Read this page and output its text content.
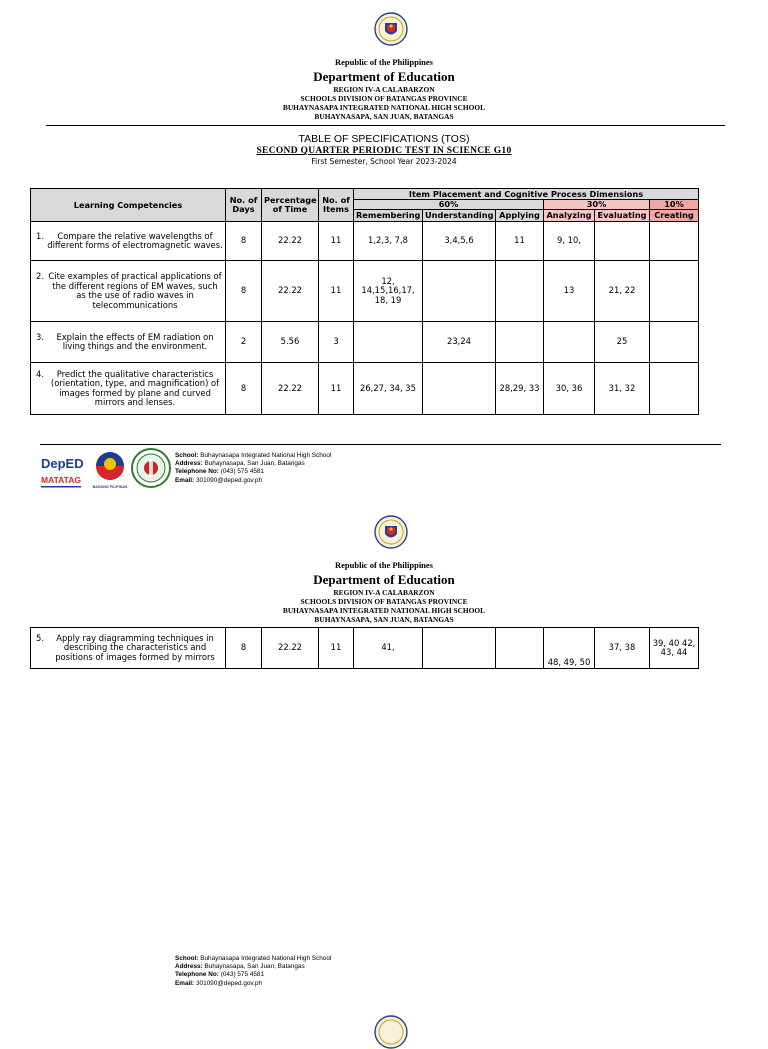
Republic of the Philippines
Department of Education
REGION IV-A CALABARZON
SCHOOLS DIVISION OF BATANGAS PROVINCE
BUHAYNASAPA INTEGRATED NATIONAL HIGH SCHOOL
BUHAYNASAPA, SAN JUAN, BATANGAS
TABLE OF SPECIFICATIONS (TOS)
SECOND QUARTER PERIODIC TEST IN SCIENCE G10
First Semester, School Year 2023-2024
Learning Competencies	No. of Days	Percentage of Time	No. of Items	Item Placement and Cognitive Process Dimensions					
				60%			30%		10%
				Remembering	Understanding	Applying	Analyzing	Evaluating	Creating
1. Compare the relative wavelengths of different forms of electromagnetic waves.	8	22.22	11	1,2,3, 7,8	3,4,5,6	11	9, 10,		
2. Cite examples of practical applications of the different regions of EM waves, such as the use of radio waves in telecommunications	8	22.22	11	12, 14,15,16,17, 18, 19			13	21, 22	
3. Explain the effects of EM radiation on living things and the environment.	2	5.56	3		23,24			25	
4. Predict the qualitative characteristics (orientation, type, and magnification) of images formed by plane and curved mirrors and lenses.	8	22.22	11	26,27, 34, 35		28,29, 33	30, 36	31, 32	
DepED
MATATAG
BAGONG PILIPINAS
School: Buhaynasapa Integrated National High School
Address: Buhaynasapa, San Juan, Batangas
Telephone No: (043) 575 4581
Email: 301090@deped.gov.ph
Republic of the Philippines
Department of Education
REGION IV-A CALABARZON
SCHOOLS DIVISION OF BATANGAS PROVINCE
BUHAYNASAPA INTEGRATED NATIONAL HIGH SCHOOL
BUHAYNASAPA, SAN JUAN, BATANGAS
5. Apply ray diagramming techniques in describing the characteristics and positions of images formed by mirrors	8	22.22	11	41,			48, 49, 50	37, 38	39, 40 42, 43, 44
School: Buhaynasapa Integrated National High School
Address: Buhaynasapa, San Juan, Batangas
Telephone No: (043) 575 4581
Email: 301090@deped.gov.ph
